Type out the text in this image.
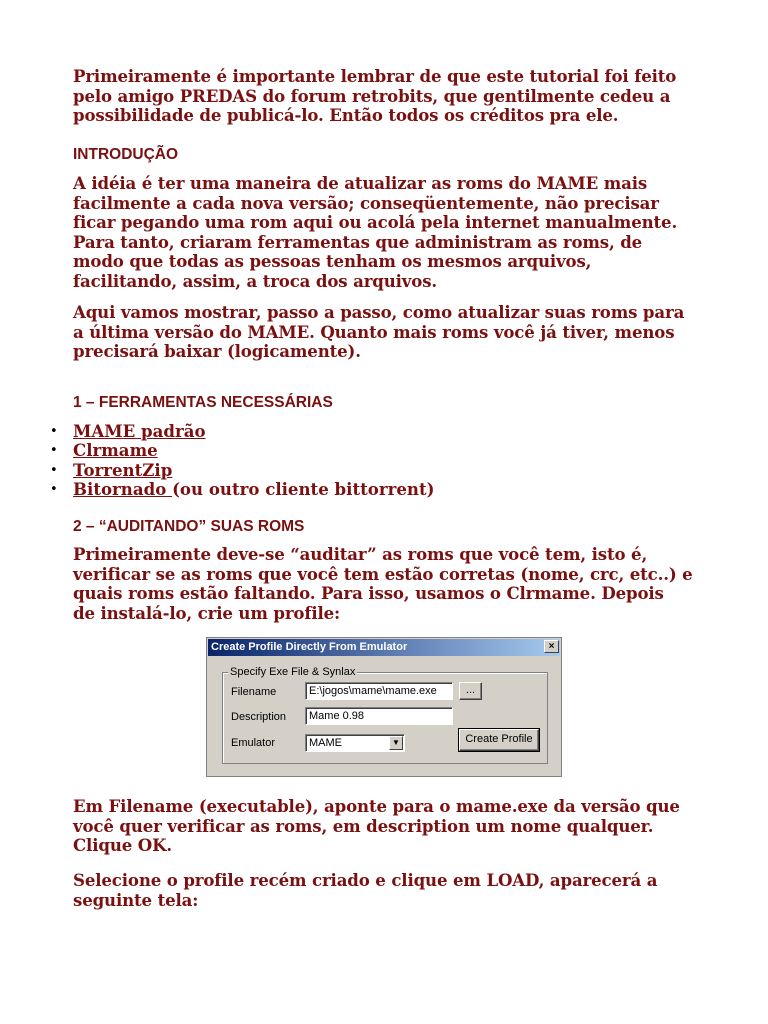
Primeiramente é importante lembrar de que este tutorial foi feito
pelo amigo PREDAS do forum retrobits, que gentilmente cedeu a
possibilidade de publicá-lo. Então todos os créditos pra ele.

INTRODUÇÃO

A idéia é ter uma maneira de atualizar as roms do MAME mais
facilmente a cada nova versão; conseqüentemente, não precisar
ficar pegando uma rom aqui ou acolá pela internet manualmente.
Para tanto, criaram ferramentas que administram as roms, de
modo que todas as pessoas tenham os mesmos arquivos,
facilitando, assim, a troca dos arquivos.

Aqui vamos mostrar, passo a passo, como atualizar suas roms para
a última versão do MAME. Quanto mais roms você já tiver, menos
precisará baixar (logicamente).

1 – FERRAMENTAS NECESSÁRIAS
• MAME padrão
• Clrmame
• TorrentZip
• Bitornado (ou outro cliente bittorrent)
2 – “AUDITANDO” SUAS ROMS

Primeiramente deve-se “auditar” as roms que você tem, isto é,
verificar se as roms que você tem estão corretas (nome, crc, etc..) e
quais roms estão faltando. Para isso, usamos o Clrmame. Depois
de instalá-lo, crie um profile:

Create Profile Directly From Emulator	×
Specify Exe File & Synlax
Filename	E:\jogos\mame\mame.exe	...
Description	Mame 0.98
Emulator	MAME	▼	Create Profile

Em Filename (executable), aponte para o mame.exe da versão que
você quer verificar as roms, em description um nome qualquer.
Clique OK.

Selecione o profile recém criado e clique em LOAD, aparecerá a
seguinte tela:
